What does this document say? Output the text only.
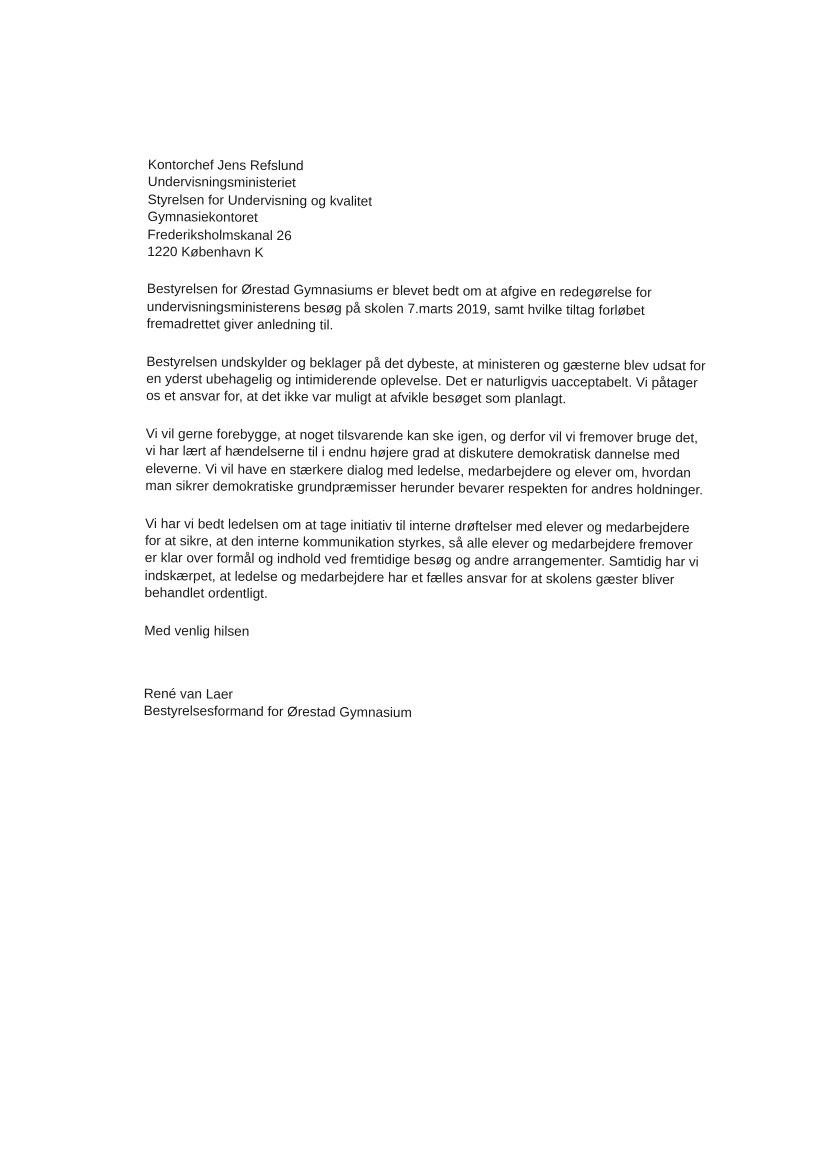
Kontorchef Jens Refslund

Undervisningsministeriet

Styrelsen for Undervisning og kvalitet

Gymnasiekontoret

Frederiksholmskanal 26

1220 København K

Bestyrelsen for Ørestad Gymnasiums er blevet bedt om at afgive en redegørelse for undervisningsministerens besøg på skolen 7.marts 2019, samt hvilke tiltag forløbet fremadrettet giver anledning til.

Bestyrelsen undskylder og beklager på det dybeste, at ministeren og gæsterne blev udsat for en yderst ubehagelig og intimiderende oplevelse. Det er naturligvis uacceptabelt. Vi påtager os et ansvar for, at det ikke var muligt at afvikle besøget som planlagt.

Vi vil gerne forebygge, at noget tilsvarende kan ske igen, og derfor vil vi fremover bruge det, vi har lært af hændelserne til i endnu højere grad at diskutere demokratisk dannelse med eleverne. Vi vil have en stærkere dialog med ledelse, medarbejdere og elever om, hvordan man sikrer demokratiske grundpræmisser herunder bevarer respekten for andres holdninger.

Vi har vi bedt ledelsen om at tage initiativ til interne drøftelser med elever og medarbejdere for at sikre, at den interne kommunikation styrkes, så alle elever og medarbejdere fremover er klar over formål og indhold ved fremtidige besøg og andre arrangementer. Samtidig har vi indskærpet, at ledelse og medarbejdere har et fælles ansvar for at skolens gæster bliver behandlet ordentligt.

Med venlig hilsen

René van Laer

Bestyrelsesformand for Ørestad Gymnasium
